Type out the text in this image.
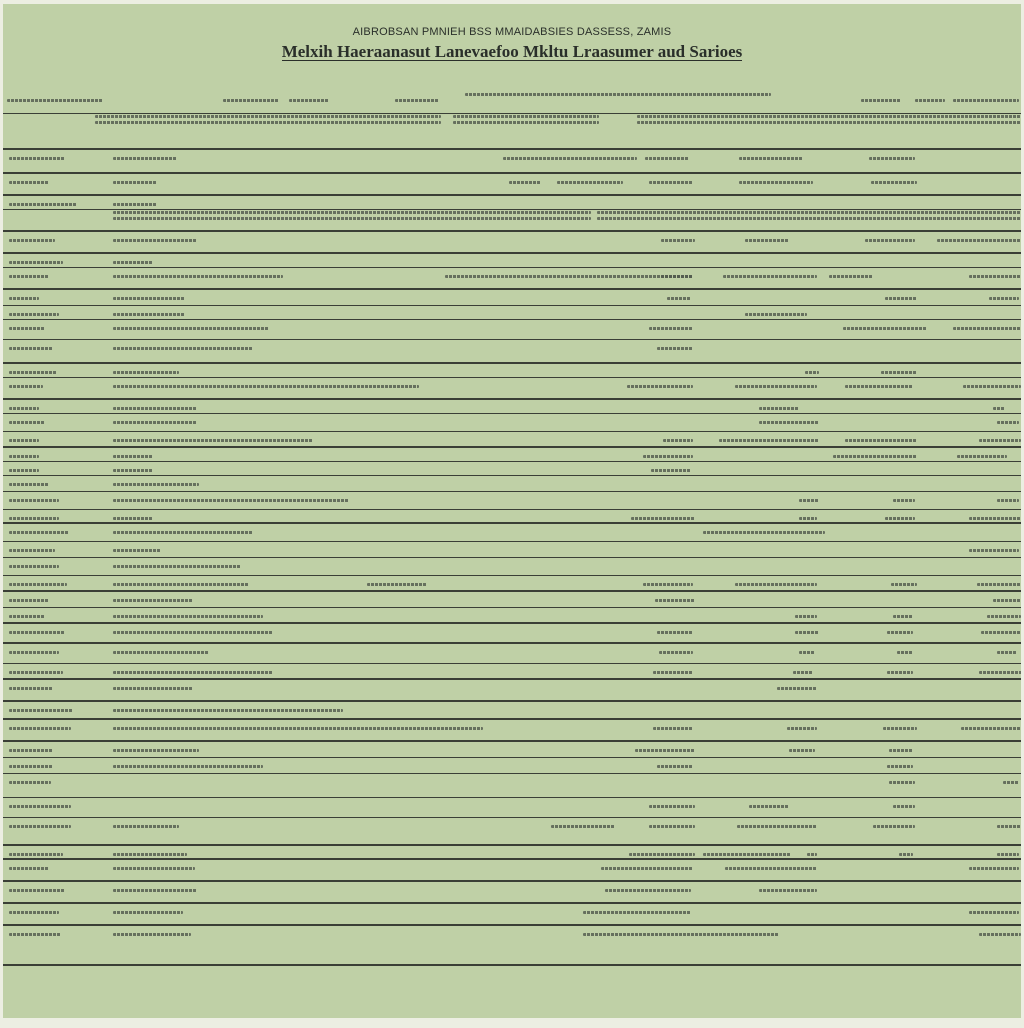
AIBROBSAN PMNIEH BSS MMAIDABSIES DASSESS, ZAMIS
Melxih Haeraanasut Lanevaefoo Mkltu Lraasumer aud Sarioes
